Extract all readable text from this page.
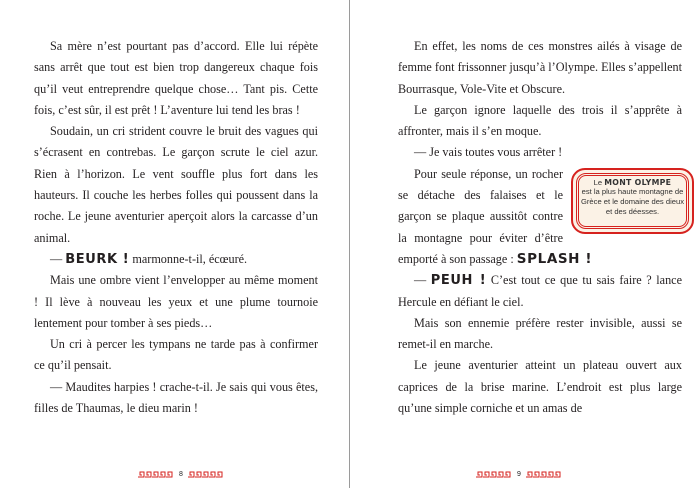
Sa mère n’est pourtant pas d’accord. Elle lui répète sans arrêt que tout est bien trop dangereux chaque fois qu’il veut entreprendre quelque chose… Tant pis. Cette fois, c’est sûr, il est prêt ! L’aventure lui tend les bras !

Soudain, un cri strident couvre le bruit des vagues qui s’écrasent en contrebas. Le garçon scrute le ciel azur. Rien à l’horizon. Le vent souffle plus fort dans les hauteurs. Il couche les herbes folles qui poussent dans la roche. Le jeune aventurier aperçoit alors la carcasse d’un animal.

— BEURK ! marmonne-t-il, écœuré.

Mais une ombre vient l’envelopper au même moment ! Il lève à nouveau les yeux et une plume tournoie lentement pour tomber à ses pieds…

Un cri à percer les tympans ne tarde pas à confirmer ce qu’il pensait.

— Maudites harpies ! crache-t-il. Je sais qui vous êtes, filles de Thaumas, le dieu marin !

8

En effet, les noms de ces monstres ailés à visage de femme font frissonner jusqu’à l’Olympe. Elles s’appellent Bourrasque, Vole-Vite et Obscure.

Le garçon ignore laquelle des trois il s’apprête à affronter, mais il s’en moque.

— Je vais toutes vous arrêter !

Le MONT OLYMPE
est la plus haute montagne de Grèce et le domaine des dieux et des déesses.
Pour seule réponse, un rocher se détache des falaises et le garçon se plaque aussitôt contre la montagne pour éviter d’être emporté à son passage : SPLASH !

— PEUH ! C’est tout ce que tu sais faire ? lance Hercule en défiant le ciel.

Mais son ennemie préfère rester invisible, aussi se remet-il en marche.

Le jeune aventurier atteint un plateau ouvert aux caprices de la brise marine. L’endroit est plus large qu’une simple corniche et un amas de

9
